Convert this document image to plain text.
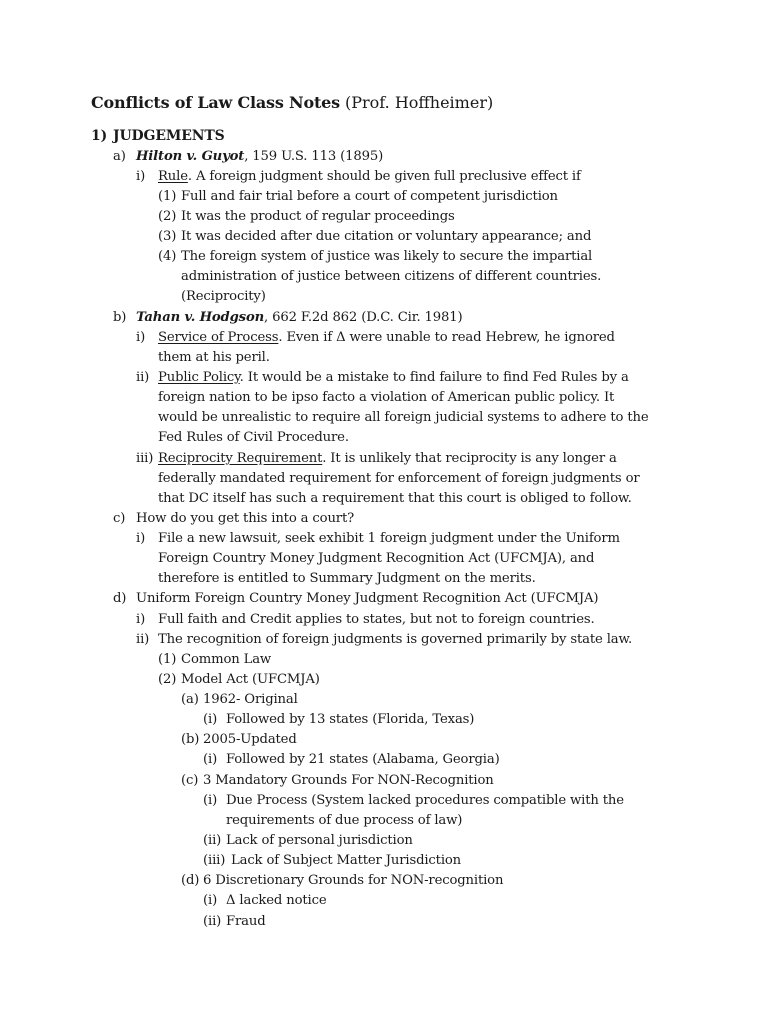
Conflicts of Law Class Notes (Prof. Hoffheimer)
1) JUDGEMENTS
a) Hilton v. Guyot, 159 U.S. 113 (1895)
i) Rule. A foreign judgment should be given full preclusive effect if
(1) Full and fair trial before a court of competent jurisdiction
(2) It was the product of regular proceedings
(3) It was decided after due citation or voluntary appearance; and
(4) The foreign system of justice was likely to secure the impartial
administration of justice between citizens of different countries.
(Reciprocity)
b) Tahan v. Hodgson, 662 F.2d 862 (D.C. Cir. 1981)
i) Service of Process. Even if Δ were unable to read Hebrew, he ignored
them at his peril.
ii) Public Policy. It would be a mistake to find failure to find Fed Rules by a
foreign nation to be ipso facto a violation of American public policy. It
would be unrealistic to require all foreign judicial systems to adhere to the
Fed Rules of Civil Procedure.
iii) Reciprocity Requirement. It is unlikely that reciprocity is any longer a
federally mandated requirement for enforcement of foreign judgments or
that DC itself has such a requirement that this court is obliged to follow.
c) How do you get this into a court?
i) File a new lawsuit, seek exhibit 1 foreign judgment under the Uniform
Foreign Country Money Judgment Recognition Act (UFCMJA), and
therefore is entitled to Summary Judgment on the merits.
d) Uniform Foreign Country Money Judgment Recognition Act (UFCMJA)
i) Full faith and Credit applies to states, but not to foreign countries.
ii) The recognition of foreign judgments is governed primarily by state law.
(1) Common Law
(2) Model Act (UFCMJA)
(a) 1962- Original
(i) Followed by 13 states (Florida, Texas)
(b) 2005-Updated
(i) Followed by 21 states (Alabama, Georgia)
(c) 3 Mandatory Grounds For NON-Recognition
(i) Due Process (System lacked procedures compatible with the
requirements of due process of law)
(ii) Lack of personal jurisdiction
(iii) Lack of Subject Matter Jurisdiction
(d) 6 Discretionary Grounds for NON-recognition
(i) Δ lacked notice
(ii) Fraud
